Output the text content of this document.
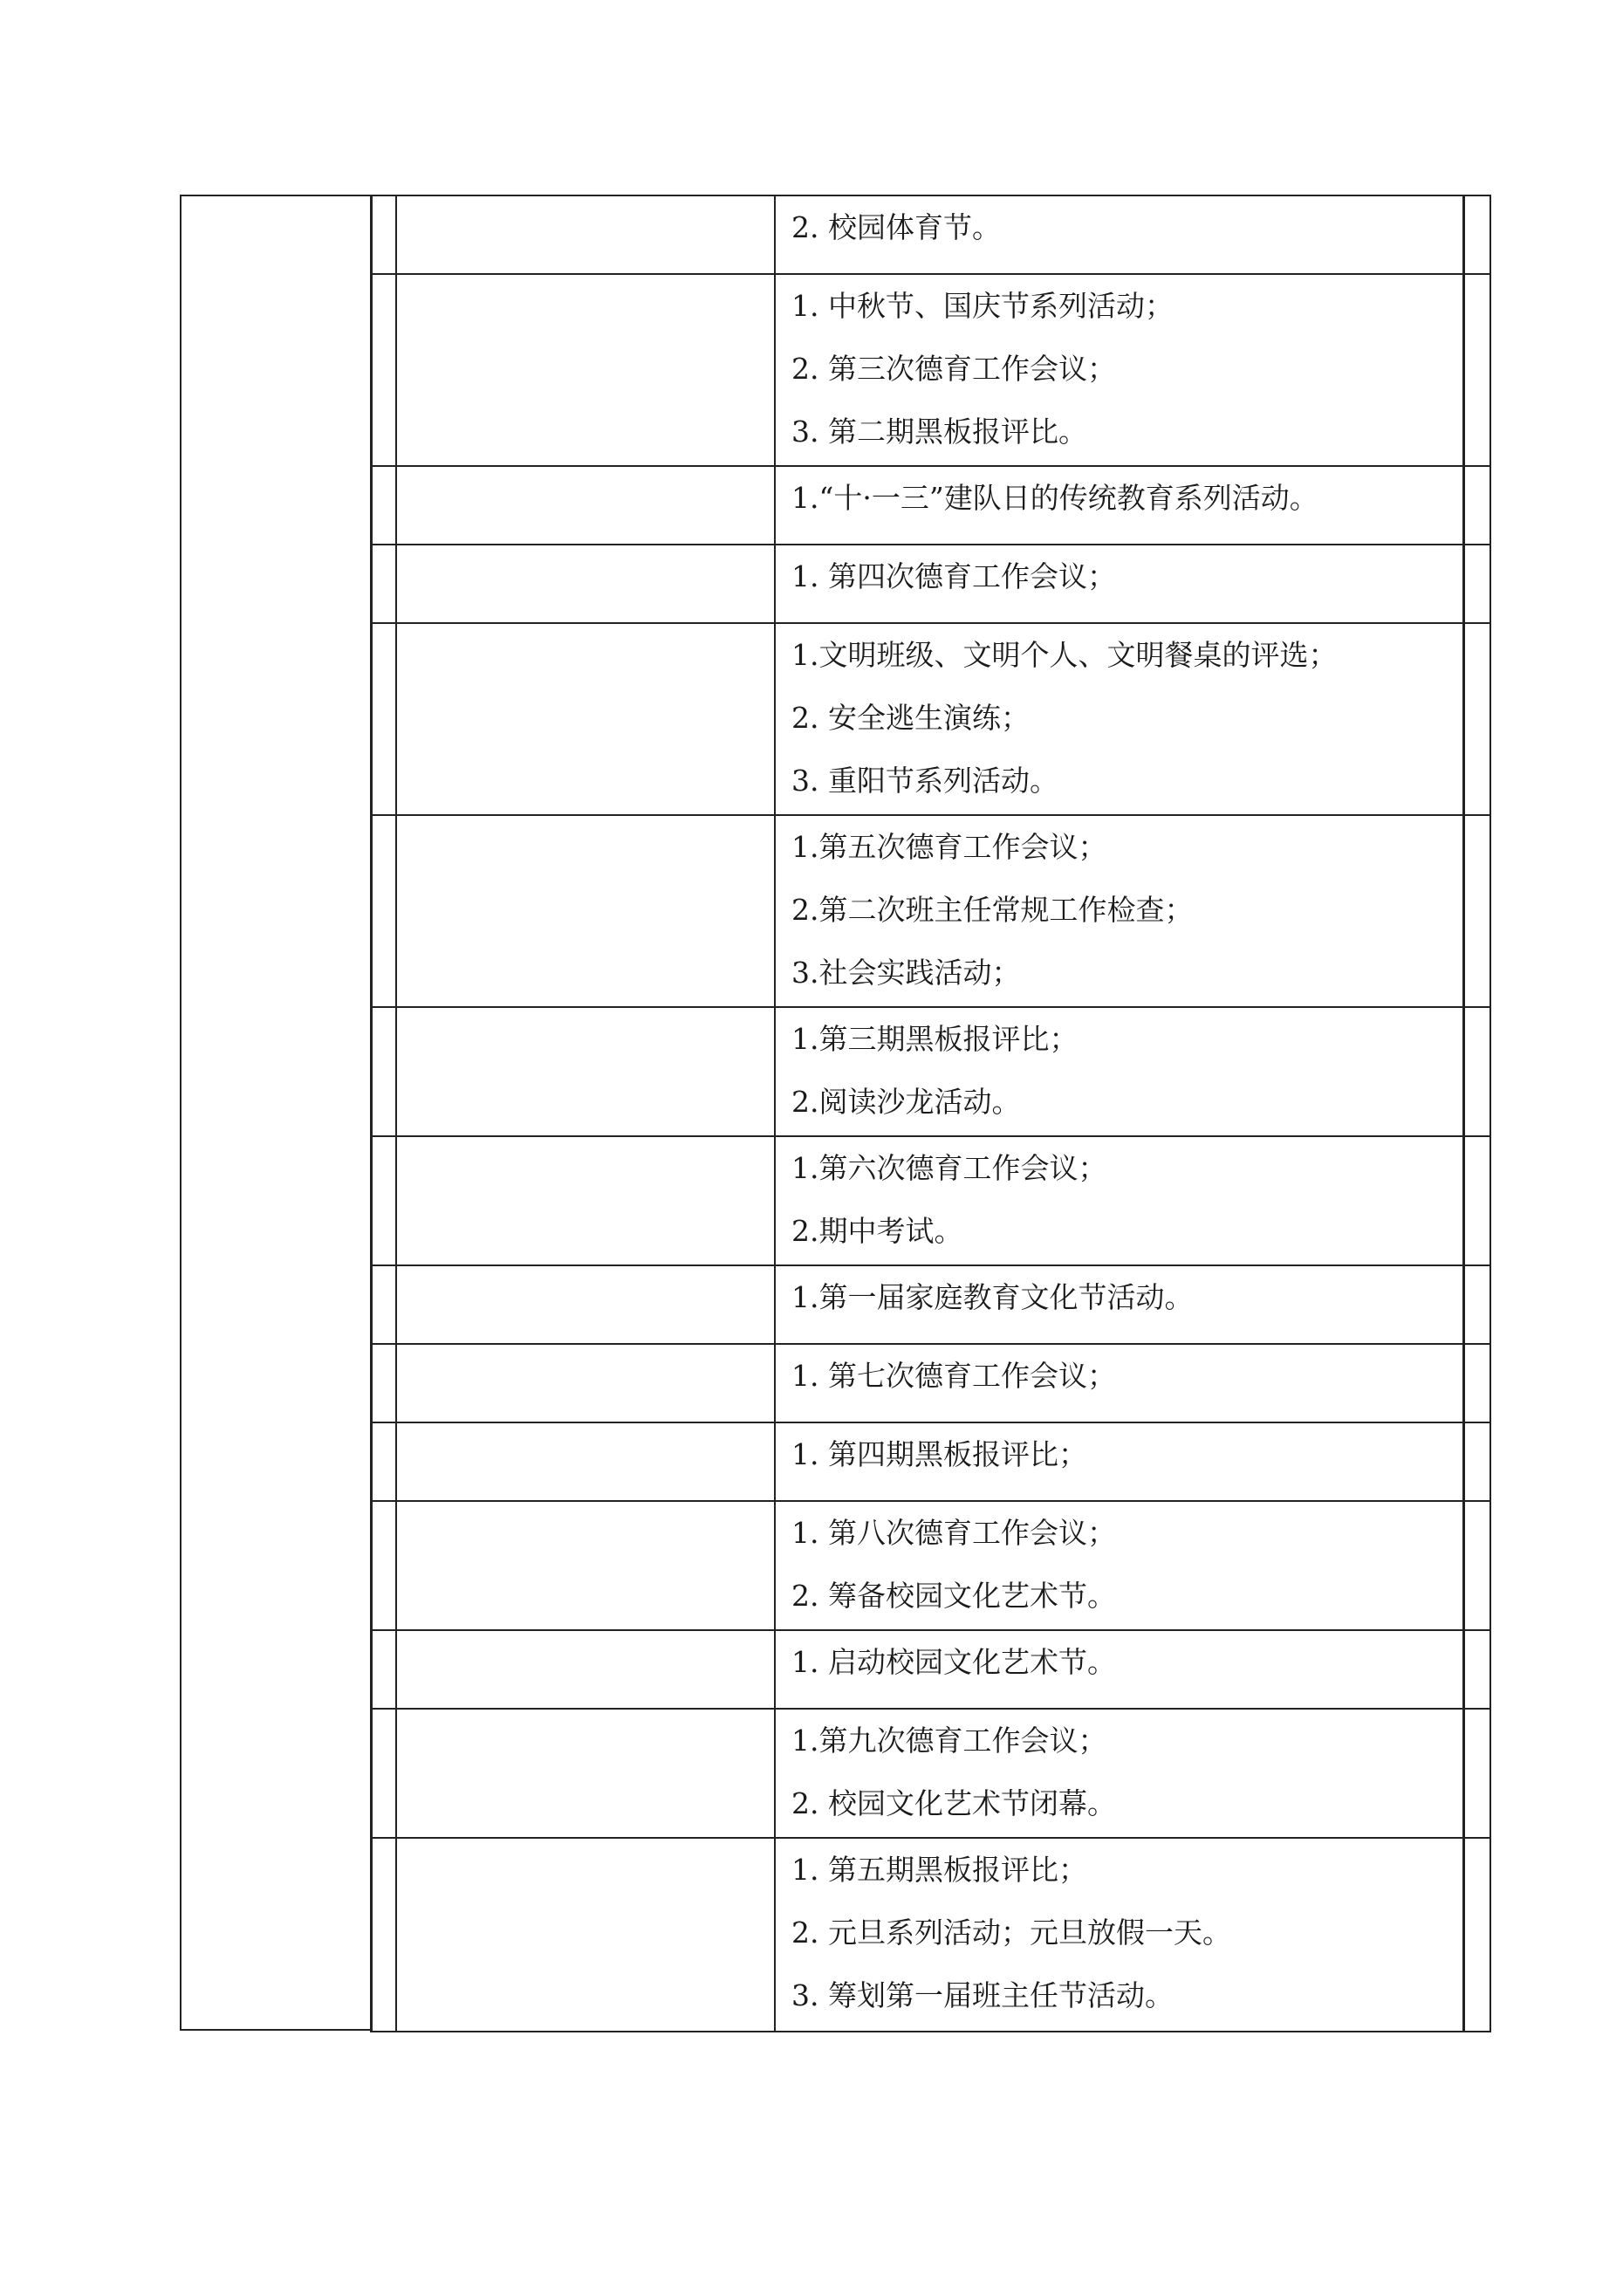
		2. 校园体育节。	

		1. 中秋节、国庆节系列活动；
2. 第三次德育工作会议；
3. 第二期黑板报评比。	

		1.“十·一三”建队日的传统教育系列活动。	

		1. 第四次德育工作会议；	

		1.文明班级、文明个人、文明餐桌的评选；
2. 安全逃生演练；
3. 重阳节系列活动。	

		1.第五次德育工作会议；
2.第二次班主任常规工作检查；
3.社会实践活动；	

		1.第三期黑板报评比；
2.阅读沙龙活动。	

		1.第六次德育工作会议；
2.期中考试。	

		1.第一届家庭教育文化节活动。	

		1. 第七次德育工作会议；	

		1. 第四期黑板报评比；	

		1. 第八次德育工作会议；
2. 筹备校园文化艺术节。	

		1. 启动校园文化艺术节。	

		1.第九次德育工作会议；
2. 校园文化艺术节闭幕。	

		1. 第五期黑板报评比；
2. 元旦系列活动；元旦放假一天。
3. 筹划第一届班主任节活动。	
